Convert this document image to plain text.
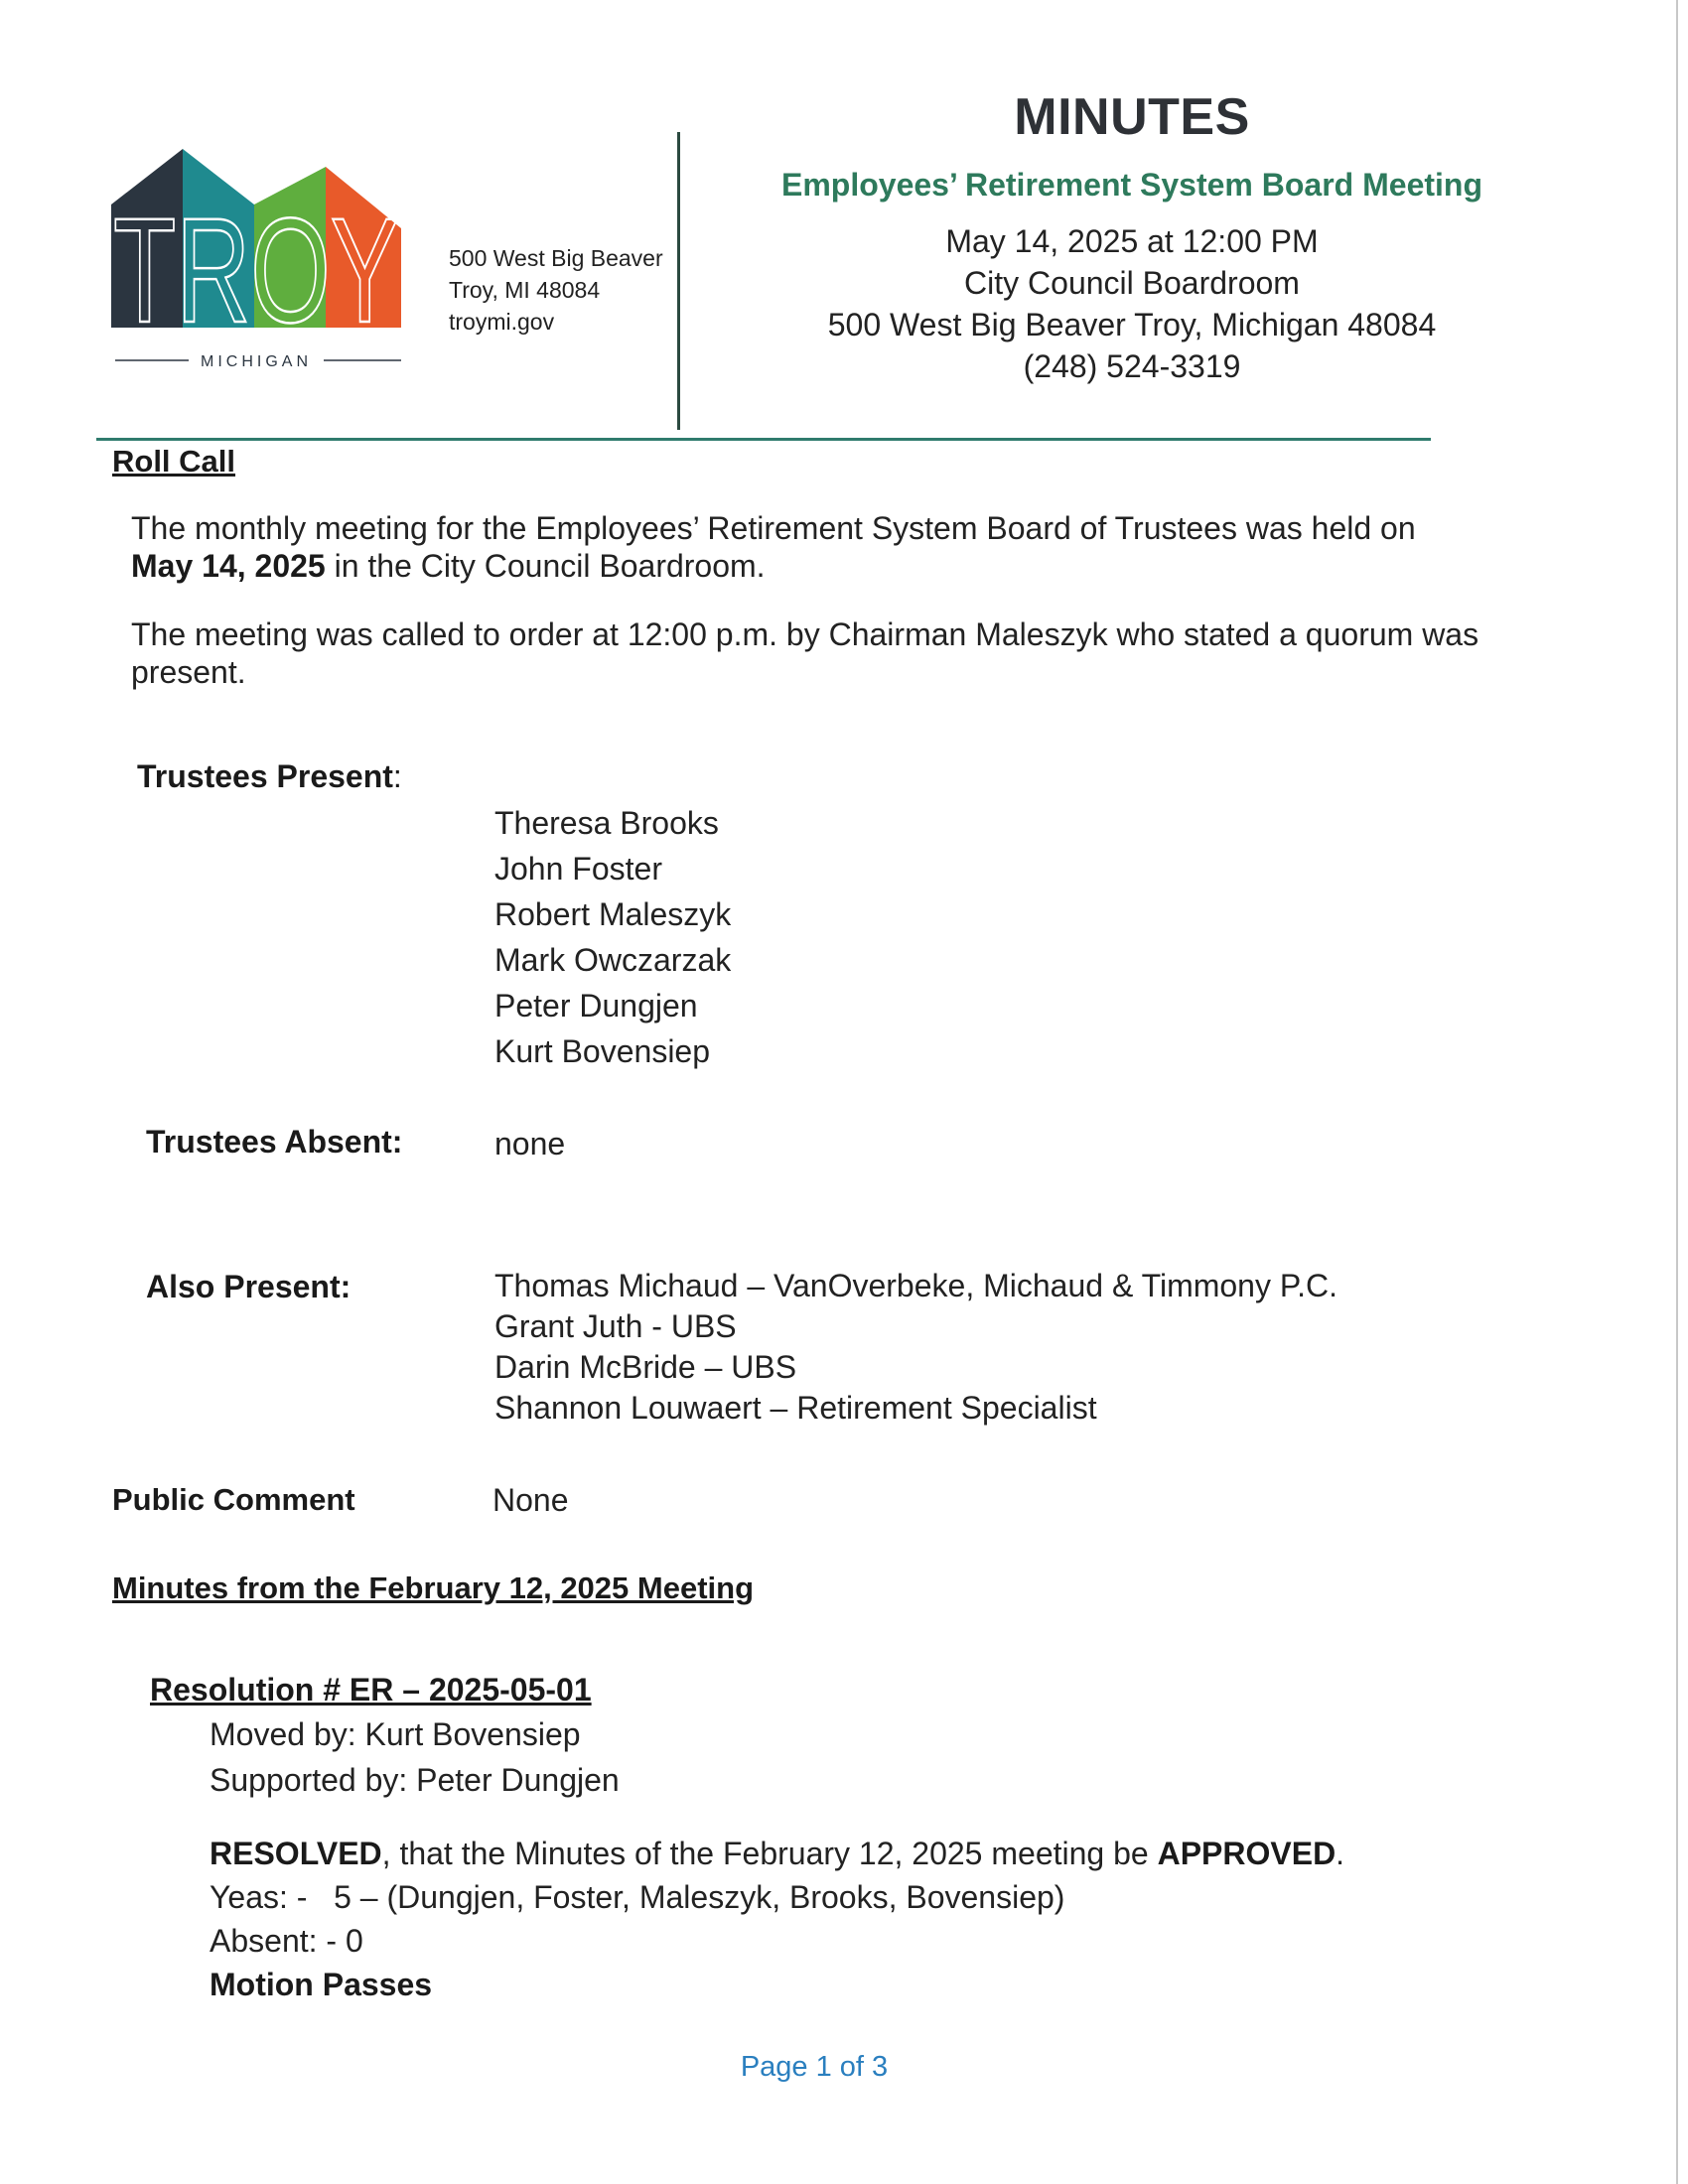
TROY
MICHIGAN
500 West Big Beaver
Troy, MI 48084
troymi.gov
MINUTES
Employees’ Retirement System Board Meeting
May 14, 2025 at 12:00 PM
City Council Boardroom
500 West Big Beaver Troy, Michigan 48084
(248) 524-3319
Roll Call
The monthly meeting for the Employees’ Retirement System Board of Trustees was held on May 14, 2025 in the City Council Boardroom.
The meeting was called to order at 12:00 p.m. by Chairman Maleszyk who stated a quorum was present.
Trustees Present:
Theresa Brooks
John Foster
Robert Maleszyk
Mark Owczarzak
Peter Dungjen
Kurt Bovensiep
Trustees Absent:	none
Also Present:	Thomas Michaud – VanOverbeke, Michaud & Timmony P.C.
Grant Juth - UBS
Darin McBride – UBS
Shannon Louwaert – Retirement Specialist
Public Comment	None
Minutes from the February 12, 2025 Meeting
Resolution # ER – 2025-05-01
Moved by: Kurt Bovensiep
Supported by: Peter Dungjen
RESOLVED, that the Minutes of the February 12, 2025 meeting be APPROVED.
Yeas: -   5 – (Dungjen, Foster, Maleszyk, Brooks, Bovensiep)
Absent: - 0
Motion Passes
Page 1 of 3
